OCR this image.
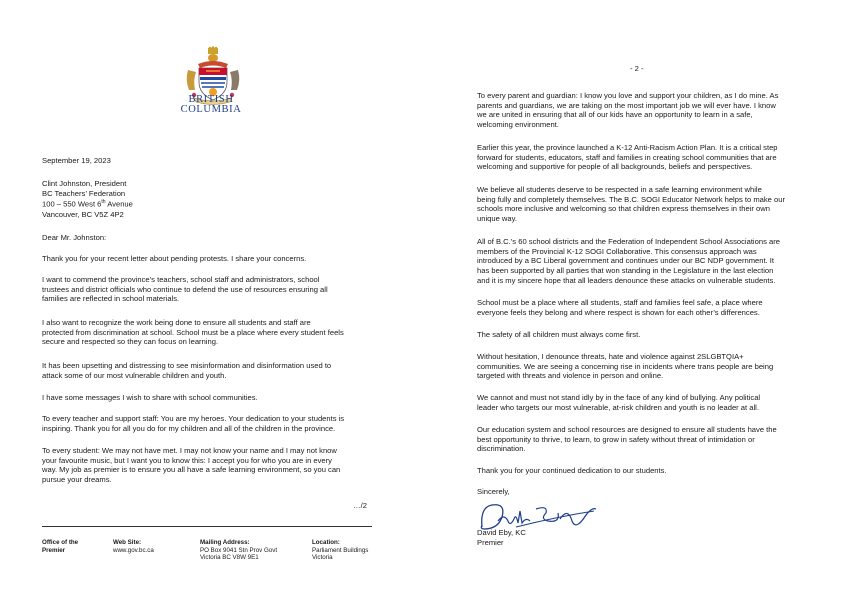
BRITISH
COLUMBIA
September 19, 2023
Clint Johnston, President
BC Teachers’ Federation
100 – 550 West 6th Avenue
Vancouver, BC V5Z 4P2
Dear Mr. Johnston:
Thank you for your recent letter about pending protests. I share your concerns.
I want to commend the province’s teachers, school staff and administrators, school
trustees and district officials who continue to defend the use of resources ensuring all
families are reflected in school materials.
I also want to recognize the work being done to ensure all students and staff are
protected from discrimination at school. School must be a place where every student feels
secure and respected so they can focus on learning.
It has been upsetting and distressing to see misinformation and disinformation used to
attack some of our most vulnerable children and youth.
I have some messages I wish to share with school communities.
To every teacher and support staff: You are my heroes. Your dedication to your students is
inspiring. Thank you for all you do for my children and all of the children in the province.
To every student: We may not have met. I may not know your name and I may not know
your favourite music, but I want you to know this: I accept you for who you are in every
way. My job as premier is to ensure you all have a safe learning environment, so you can
pursue your dreams.
…/2
Office of the
Premier
Web Site:
www.gov.bc.ca
Mailing Address:
PO Box 9041 Stn Prov Govt
Victoria BC V8W 9E1
Location:
Parliament Buildings
Victoria
- 2 -
To every parent and guardian: I know you love and support your children, as I do mine. As
parents and guardians, we are taking on the most important job we will ever have. I know
we are united in ensuring that all of our kids have an opportunity to learn in a safe,
welcoming environment.
Earlier this year, the province launched a K-12 Anti-Racism Action Plan. It is a critical step
forward for students, educators, staff and families in creating school communities that are
welcoming and supportive for people of all backgrounds, beliefs and perspectives.
We believe all students deserve to be respected in a safe learning environment while
being fully and completely themselves. The B.C. SOGI Educator Network helps to make our
schools more inclusive and welcoming so that children express themselves in their own
unique way.
All of B.C.’s 60 school districts and the Federation of Independent School Associations are
members of the Provincial K-12 SOGI Collaborative. This consensus approach was
introduced by a BC Liberal government and continues under our BC NDP government. It
has been supported by all parties that won standing in the Legislature in the last election
and it is my sincere hope that all leaders denounce these attacks on vulnerable students.
School must be a place where all students, staff and families feel safe, a place where
everyone feels they belong and where respect is shown for each other’s differences.
The safety of all children must always come first.
Without hesitation, I denounce threats, hate and violence against 2SLGBTQIA+
communities. We are seeing a concerning rise in incidents where trans people are being
targeted with threats and violence in person and online.
We cannot and must not stand idly by in the face of any kind of bullying. Any political
leader who targets our most vulnerable, at-risk children and youth is no leader at all.
Our education system and school resources are designed to ensure all students have the
best opportunity to thrive, to learn, to grow in safety without threat of intimidation or
discrimination.
Thank you for your continued dedication to our students.
Sincerely,
David Eby, KC
Premier
